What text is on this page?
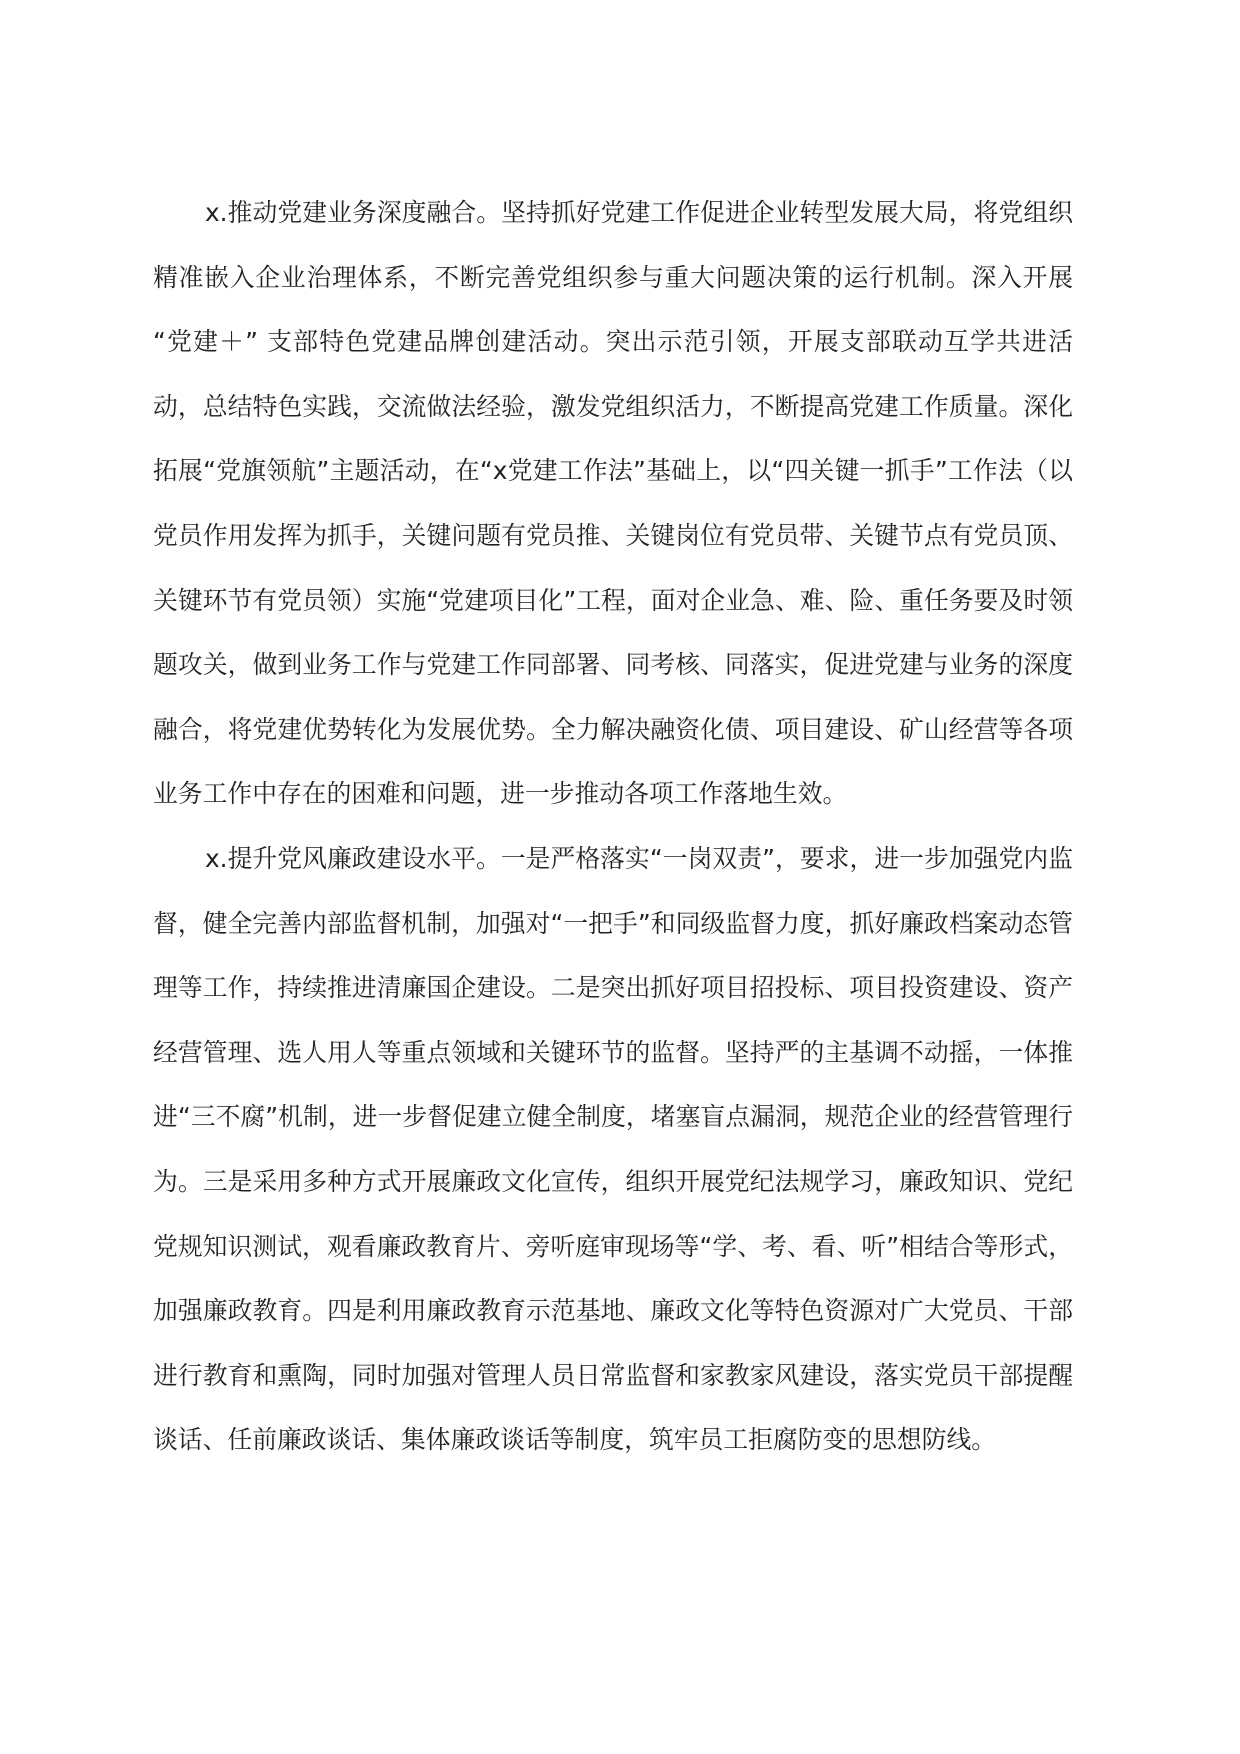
x.推动党建业务深度融合。坚持抓好党建工作促进企业转型发展大局，将党组织精准嵌入企业治理体系，不断完善党组织参与重大问题决策的运行机制。深入开展 “党建＋” 支部特色党建品牌创建活动。突出示范引领，开展支部联动互学共进活动，总结特色实践，交流做法经验，激发党组织活力，不断提高党建工作质量。深化拓展“党旗领航”主题活动，在“x党建工作法”基础上，以“四关键一抓手”工作法（以党员作用发挥为抓手，关键问题有党员推、关键岗位有党员带、关键节点有党员顶、关键环节有党员领）实施“党建项目化”工程，面对企业急、难、险、重任务要及时领题攻关，做到业务工作与党建工作同部署、同考核、同落实，促进党建与业务的深度融合，将党建优势转化为发展优势。全力解决融资化债、项目建设、矿山经营等各项业务工作中存在的困难和问题，进一步推动各项工作落地生效。

x.提升党风廉政建设水平。一是严格落实“一岗双责”，要求，进一步加强党内监督，健全完善内部监督机制，加强对“一把手”和同级监督力度，抓好廉政档案动态管理等工作，持续推进清廉国企建设。二是突出抓好项目招投标、项目投资建设、资产经营管理、选人用人等重点领域和关键环节的监督。坚持严的主基调不动摇，一体推进“三不腐”机制，进一步督促建立健全制度，堵塞盲点漏洞，规范企业的经营管理行为。三是采用多种方式开展廉政文化宣传，组织开展党纪法规学习，廉政知识、党纪党规知识测试，观看廉政教育片、旁听庭审现场等“学、考、看、听”相结合等形式，加强廉政教育。四是利用廉政教育示范基地、廉政文化等特色资源对广大党员、干部进行教育和熏陶，同时加强对管理人员日常监督和家教家风建设，落实党员干部提醒谈话、任前廉政谈话、集体廉政谈话等制度，筑牢员工拒腐防变的思想防线。
